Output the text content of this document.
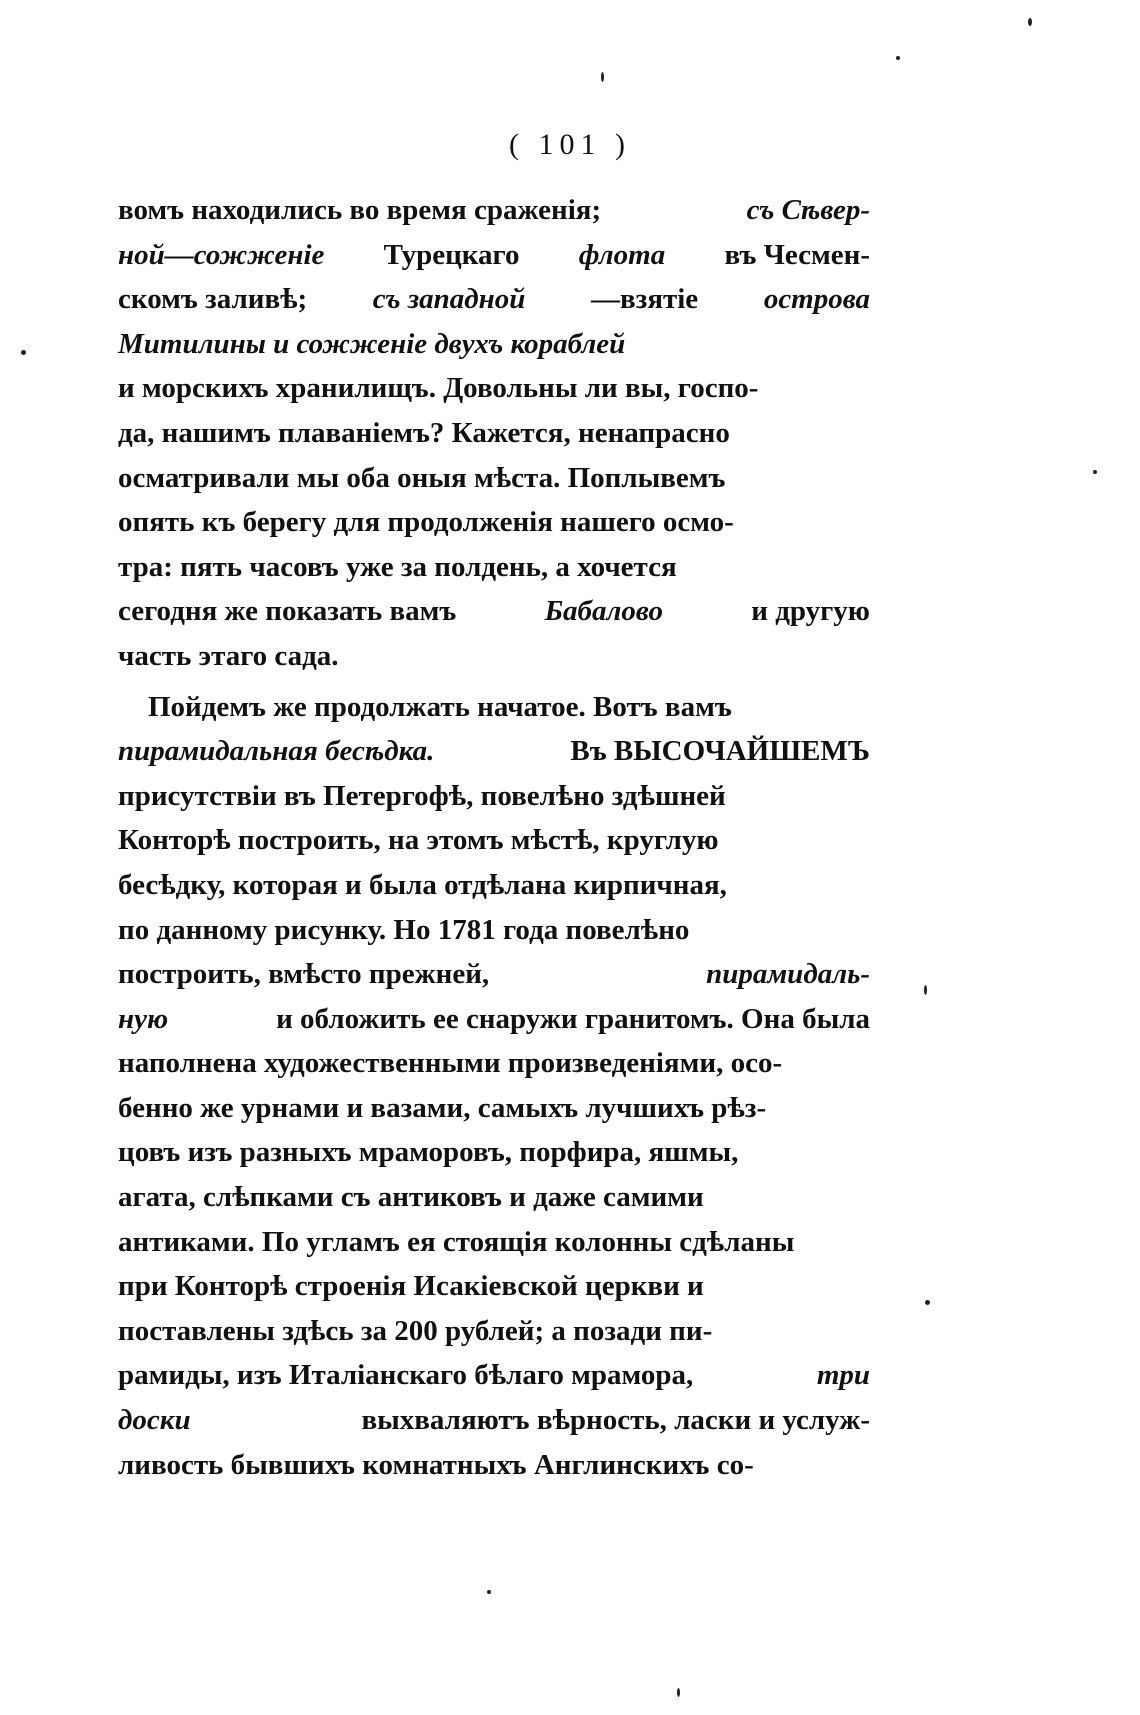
( 101 )
вомъ находились во время сраженія;	съ Сѣвер-
ной—сожженіе Турецкаго флота въ Чесмен-
скомъ заливѣ; съ западной —взятіе острова
Митилины и сожженіе двухъ кораблей
и морскихъ хранилищъ. Довольны ли вы, госпо-
да, нашимъ плаваніемъ? Кажется, ненапрасно
осматривали мы оба оныя мѣста. Поплывемъ
опять къ берегу для продолженія нашего осмо-
тра: пять часовъ уже за полдень, а хочется
сегодня же показать вамъ	Бабалово	и другую
часть этаго сада.
Пойдемъ же продолжать начатое. Вотъ вамъ
пирамидальная бесѣдка.	Въ ВЫСОЧАЙШЕМЪ
присутствіи въ Петергофѣ, повелѣно здѣшней
Конторѣ построить, на этомъ мѣстѣ, круглую
бесѣдку, которая и была отдѣлана кирпичная,
по данному рисунку. Но 1781 года повелѣно
построить, вмѣсто прежней,	пирамидаль-
ную	и обложить ее снаружи гранитомъ. Она была
наполнена художественными произведеніями, осо-
бенно же урнами и вазами, самыхъ лучшихъ рѣз-
цовъ изъ разныхъ мраморовъ, порфира, яшмы,
агата, слѣпками съ антиковъ и даже самими
антиками. По угламъ ея стоящія колонны сдѣланы
при Конторѣ строенія Исакіевской церкви и
поставлены здѣсь за 200 рублей; а позади пи-
рамиды, изъ Италіанскаго бѣлаго мрамора,	три
доски	выхваляютъ вѣрность, ласки и услуж-
ливость бывшихъ комнатныхъ Англинскихъ со-
